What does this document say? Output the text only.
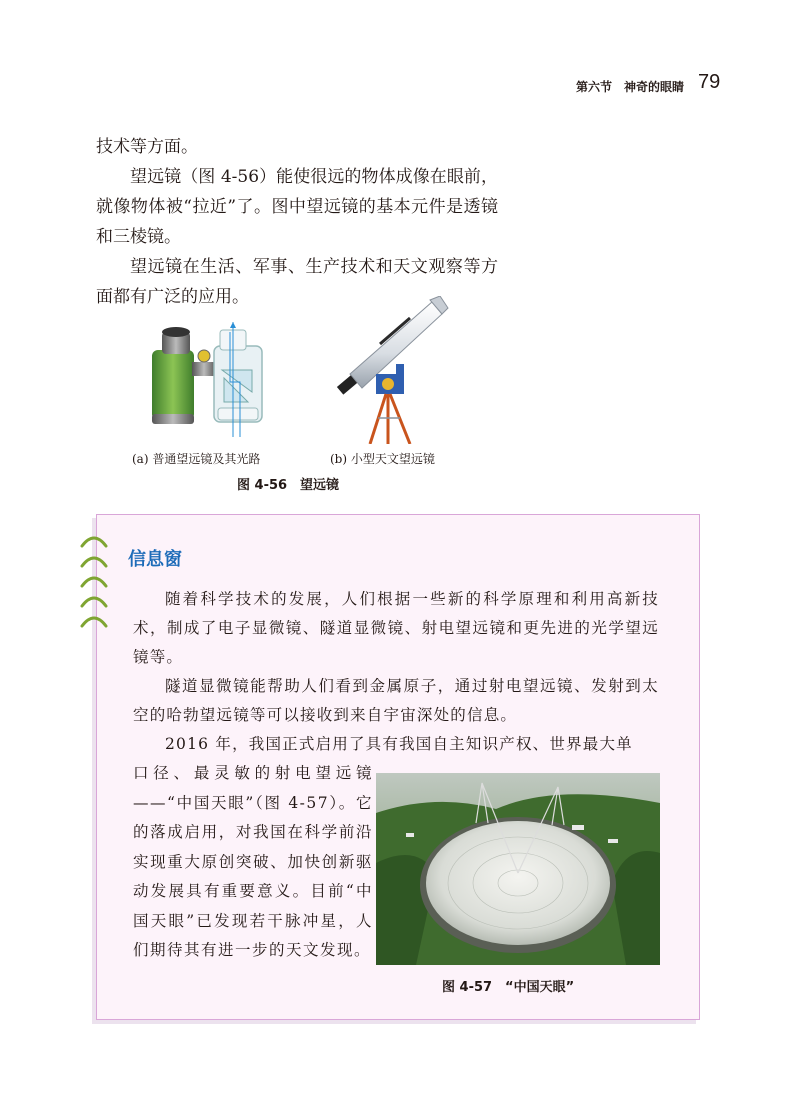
第六节　神奇的眼睛 79

技术等方面。

望远镜（图 4-56）能使很远的物体成像在眼前，就像物体被“拉近”了。图中望远镜的基本元件是透镜和三棱镜。

望远镜在生活、军事、生产技术和天文观察等方面都有广泛的应用。

(a) 普通望远镜及其光路	(b) 小型天文望远镜
图 4-56　望远镜
信息窗

随着科学技术的发展，人们根据一些新的科学原理和利用高新技术，制成了电子显微镜、隧道显微镜、射电望远镜和更先进的光学望远镜等。

隧道显微镜能帮助人们看到金属原子，通过射电望远镜、发射到太空的哈勃望远镜等可以接收到来自宇宙深处的信息。

2016 年，我国正式启用了具有我国自主知识产权、世界最大单

口径、最灵敏的射电望远镜——“中国天眼”（图 4-57）。它的落成启用，对我国在科学前沿实现重大原创突破、加快创新驱动发展具有重要意义。目前“中国天眼”已发现若干脉冲星，人们期待其有进一步的天文发现。
图 4-57　“中国天眼”
